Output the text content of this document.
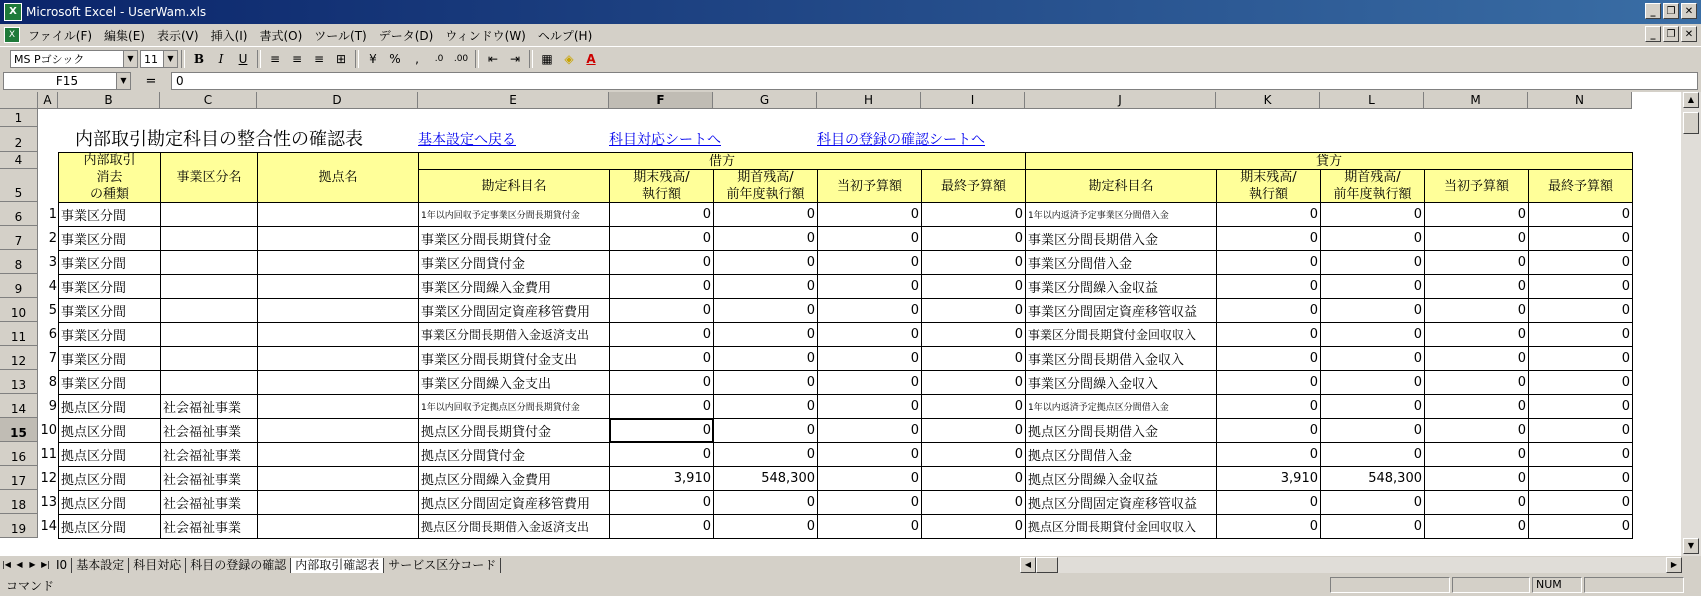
X Microsoft Excel - UserWam.xls	_	❐ ✕
X	ファイル(F)	編集(E)	表示(V)	挿入(I)	書式(O)	ツール(T)	データ(D)	ウィンドウ(W)	ヘルプ(H)	_	❐ ✕
MS Pゴシック	▼ 11	▼	B	I	U	≡ ≡ ≡ ⊞	¥	%	,	.0	.00	⇤ ⇥	▦ ◈	A
F15	▼	=	0
A	B	C	D	E	F	G	H	I	J	K	L	M	N
1
2
4
5
6
7
8
9
10
11
12
13
14
15
16
17
18
19
内部取引勘定科目の整合性の確認表	基本設定へ戻る	科目対応シートへ	科目の登録の確認シートへ
内部取引
消去
の種類
事業区分名	拠点名
借方	貸方
勘定科目名
期末残高/
執行額
期首残高/
前年度執行額
当初予算額	最終予算額	勘定科目名
期末残高/
執行額
期首残高/
前年度執行額
当初予算額	最終予算額
1 事業区分間	1年以内回収予定事業区分間長期貸付金	0	0	0	0 1年以内返済予定事業区分間借入金	0	0	0	0
2 事業区分間	事業区分間長期貸付金	0	0	0	0 事業区分間長期借入金	0	0	0	0
3 事業区分間	事業区分間貸付金	0	0	0	0 事業区分間借入金	0	0	0	0
4 事業区分間	事業区分間繰入金費用	0	0	0	0 事業区分間繰入金収益	0	0	0	0
5 事業区分間	事業区分間固定資産移管費用	0	0	0	0 事業区分間固定資産移管収益	0	0	0	0
6 事業区分間	事業区分間長期借入金返済支出	0	0	0	0 事業区分間長期貸付金回収収入	0	0	0	0
7 事業区分間	事業区分間長期貸付金支出	0	0	0	0 事業区分間長期借入金収入	0	0	0	0
8 事業区分間	事業区分間繰入金支出	0	0	0	0 事業区分間繰入金収入	0	0	0	0
9 拠点区分間	社会福祉事業	1年以内回収予定拠点区分間長期貸付金	0	0	0	0 1年以内返済予定拠点区分間借入金	0	0	0	0
10 拠点区分間	社会福祉事業	拠点区分間長期貸付金	0	0	0	0 拠点区分間長期借入金	0	0	0	0
11 拠点区分間	社会福祉事業	拠点区分間貸付金	0	0	0	0 拠点区分間借入金	0	0	0	0
12 拠点区分間	社会福祉事業	拠点区分間繰入金費用	3,910	548,300	0	0 拠点区分間繰入金収益	3,910	548,300	0	0
13 拠点区分間	社会福祉事業	拠点区分間固定資産移管費用	0	0	0	0 拠点区分間固定資産移管収益	0	0	0	0
14 拠点区分間	社会福祉事業	拠点区分間長期借入金返済支出	0	0	0	0 拠点区分間長期貸付金回収収入	0	0	0	0
▲
▼
|◀ ◀ ▶ ▶| I0 基本設定 科目対応 科目の登録の確認 内部取引確認表 サービス区分コード	◀	▶
コマンド	NUM
